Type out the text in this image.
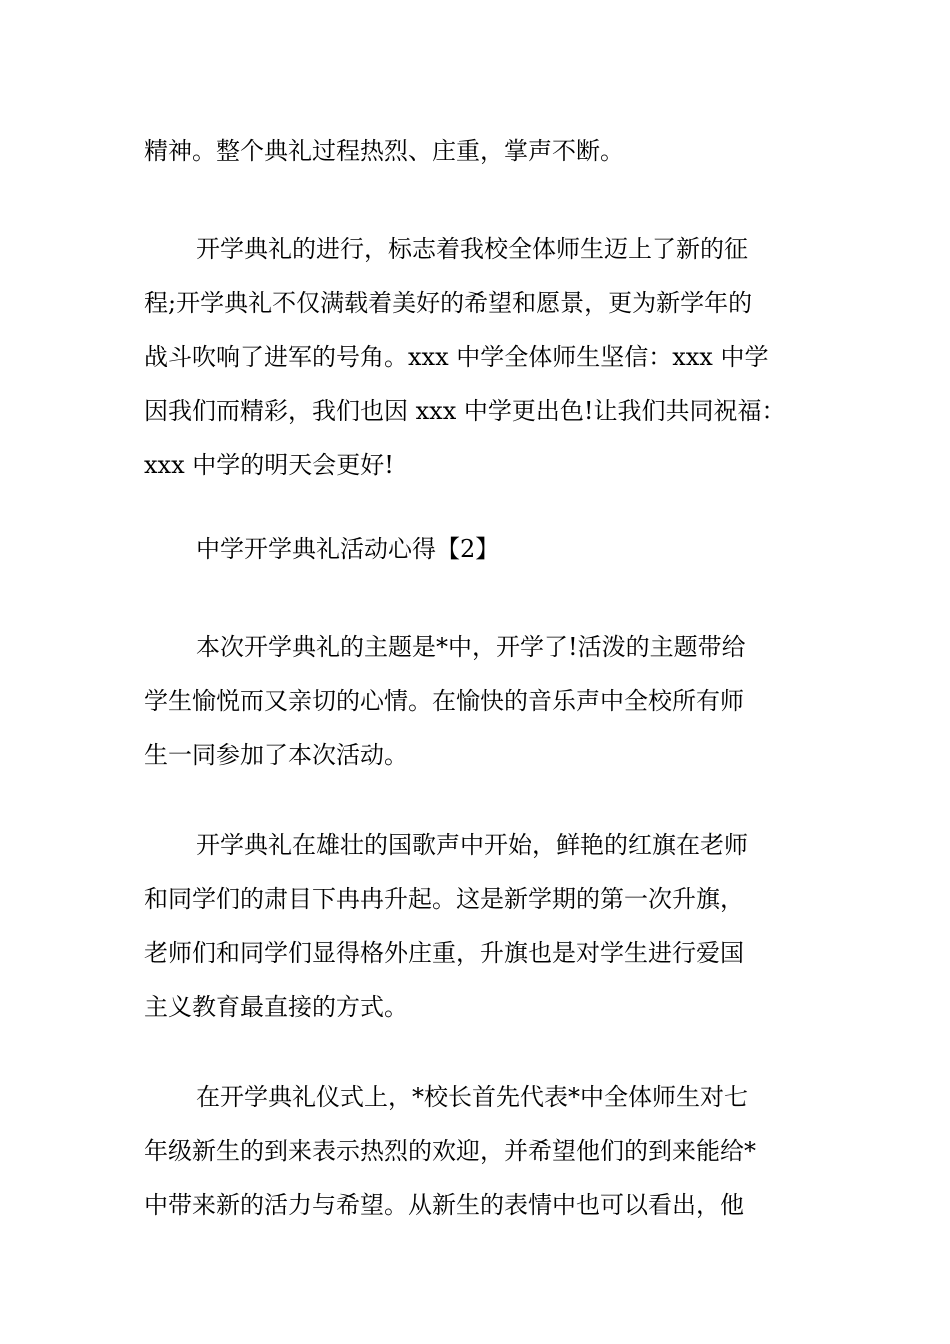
精神。整个典礼过程热烈、庄重，掌声不断。
开学典礼的进行，标志着我校全体师生迈上了新的征
程;开学典礼不仅满载着美好的希望和愿景，更为新学年的
战斗吹响了进军的号角。xxx 中学全体师生坚信：xxx 中学
因我们而精彩，我们也因 xxx 中学更出色!让我们共同祝福：
xxx 中学的明天会更好!
中学开学典礼活动心得【2】
本次开学典礼的主题是*中，开学了!活泼的主题带给
学生愉悦而又亲切的心情。在愉快的音乐声中全校所有师
生一同参加了本次活动。
开学典礼在雄壮的国歌声中开始，鲜艳的红旗在老师
和同学们的肃目下冉冉升起。这是新学期的第一次升旗，
老师们和同学们显得格外庄重，升旗也是对学生进行爱国
主义教育最直接的方式。
在开学典礼仪式上，*校长首先代表*中全体师生对七
年级新生的到来表示热烈的欢迎，并希望他们的到来能给*
中带来新的活力与希望。从新生的表情中也可以看出，他
